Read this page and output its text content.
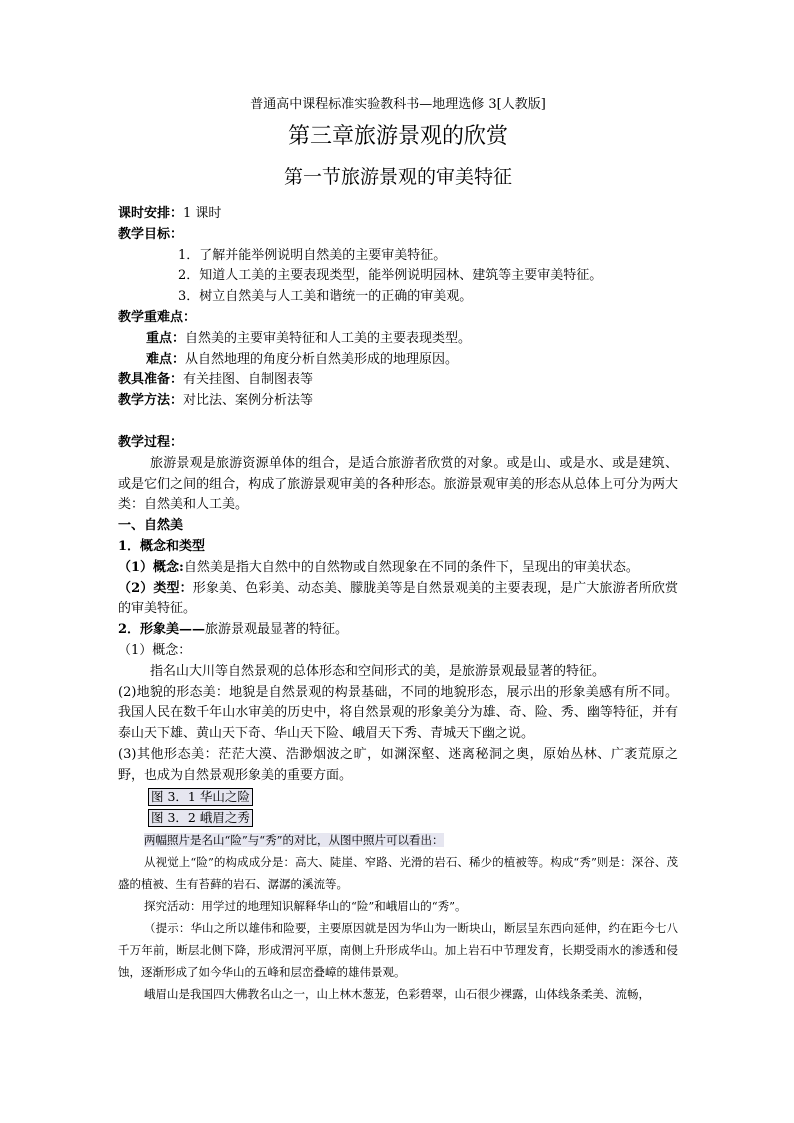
普通高中课程标准实验教科书—地理选修 3[人教版]
第三章旅游景观的欣赏
第一节旅游景观的审美特征

课时安排：1 课时

教学目标：

1．了解并能举例说明自然美的主要审美特征。

2．知道人工美的主要表现类型，能举例说明园林、建筑等主要审美特征。

3．树立自然美与人工美和谐统一的正确的审美观。

教学重难点：

重点：自然美的主要审美特征和人工美的主要表现类型。

难点：从自然地理的角度分析自然美形成的地理原因。

教具准备：有关挂图、自制图表等

教学方法：对比法、案例分析法等

教学过程：

旅游景观是旅游资源单体的组合，是适合旅游者欣赏的对象。或是山、或是水、或是建筑、或是它们之间的组合，构成了旅游景观审美的各种形态。旅游景观审美的形态从总体上可分为两大类：自然美和人工美。

一、自然美

1．概念和类型

（1）概念:自然美是指大自然中的自然物或自然现象在不同的条件下，呈现出的审美状态。

（2）类型：形象美、色彩美、动态美、朦胧美等是自然景观美的主要表现，是广大旅游者所欣赏的审美特征。

2．形象美——旅游景观最显著的特征。

（1）概念：

指名山大川等自然景观的总体形态和空间形式的美，是旅游景观最显著的特征。

(2)地貌的形态美：地貌是自然景观的构景基础，不同的地貌形态，展示出的形象美感有所不同。我国人民在数千年山水审美的历史中，将自然景观的形象美分为雄、奇、险、秀、幽等特征，并有泰山天下雄、黄山天下奇、华山天下险、峨眉天下秀、青城天下幽之说。

(3)其他形态美：茫茫大漠、浩渺烟波之旷，如渊深壑、迷离秘洞之奥，原始丛林、广袤荒原之野，也成为自然景观形象美的重要方面。

图 3．1 华山之险
图 3．2 峨眉之秀

两幅照片是名山“险”与“秀”的对比，从图中照片可以看出：

从视觉上“险”的构成成分是：高大、陡崖、窄路、光滑的岩石、稀少的植被等。构成“秀”则是：深谷、茂盛的植被、生有苔藓的岩石、潺潺的溪流等。

探究活动：用学过的地理知识解释华山的“险”和峨眉山的“秀”。

（提示：华山之所以雄伟和险要，主要原因就是因为华山为一断块山，断层呈东西向延伸，约在距今七八千万年前，断层北侧下降，形成渭河平原，南侧上升形成华山。加上岩石中节理发育，长期受雨水的渗透和侵蚀，逐渐形成了如今华山的五峰和层峦叠嶂的雄伟景观。

峨眉山是我国四大佛教名山之一，山上林木葱茏，色彩碧翠，山石很少裸露，山体线条柔美、流畅，
